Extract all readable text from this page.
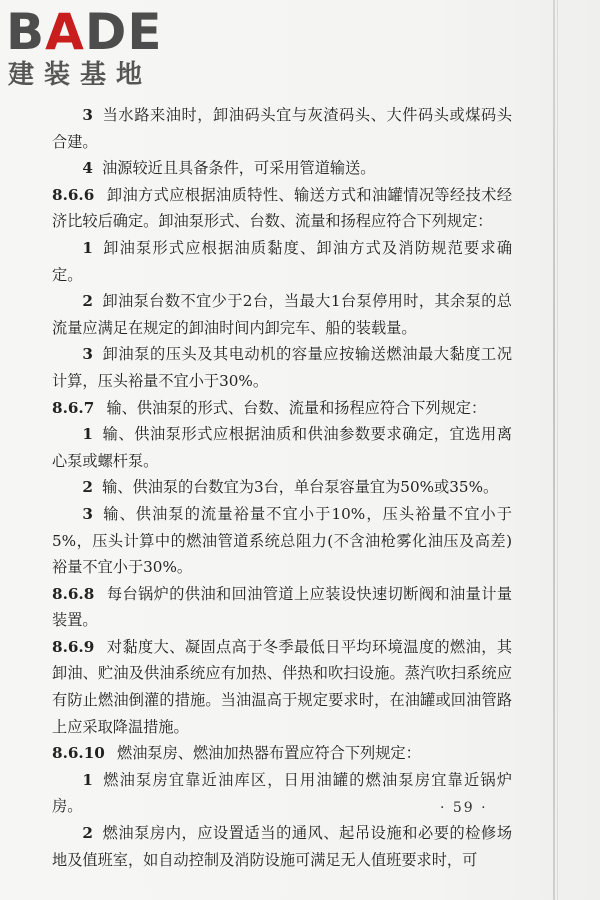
BADE
建装基地

3 当水路来油时，卸油码头宜与灰渣码头、大件码头或煤码头合建。

4 油源较近且具备条件，可采用管道输送。

8.6.6 卸油方式应根据油质特性、输送方式和油罐情况等经技术经济比较后确定。卸油泵形式、台数、流量和扬程应符合下列规定：

1 卸油泵形式应根据油质黏度、卸油方式及消防规范要求确定。

2 卸油泵台数不宜少于2台，当最大1台泵停用时，其余泵的总流量应满足在规定的卸油时间内卸完车、船的装载量。

3 卸油泵的压头及其电动机的容量应按输送燃油最大黏度工况计算，压头裕量不宜小于30%。

8.6.7 输、供油泵的形式、台数、流量和扬程应符合下列规定：

1 输、供油泵形式应根据油质和供油参数要求确定，宜选用离心泵或螺杆泵。

2 输、供油泵的台数宜为3台，单台泵容量宜为50%或35%。

3 输、供油泵的流量裕量不宜小于10%，压头裕量不宜小于5%，压头计算中的燃油管道系统总阻力(不含油枪雾化油压及高差)裕量不宜小于30%。

8.6.8 每台锅炉的供油和回油管道上应装设快速切断阀和油量计量装置。

8.6.9 对黏度大、凝固点高于冬季最低日平均环境温度的燃油，其卸油、贮油及供油系统应有加热、伴热和吹扫设施。蒸汽吹扫系统应有防止燃油倒灌的措施。当油温高于规定要求时，在油罐或回油管路上应采取降温措施。

8.6.10 燃油泵房、燃油加热器布置应符合下列规定：

1 燃油泵房宜靠近油库区，日用油罐的燃油泵房宜靠近锅炉房。

2 燃油泵房内，应设置适当的通风、起吊设施和必要的检修场地及值班室，如自动控制及消防设施可满足无人值班要求时，可

· 59 ·
